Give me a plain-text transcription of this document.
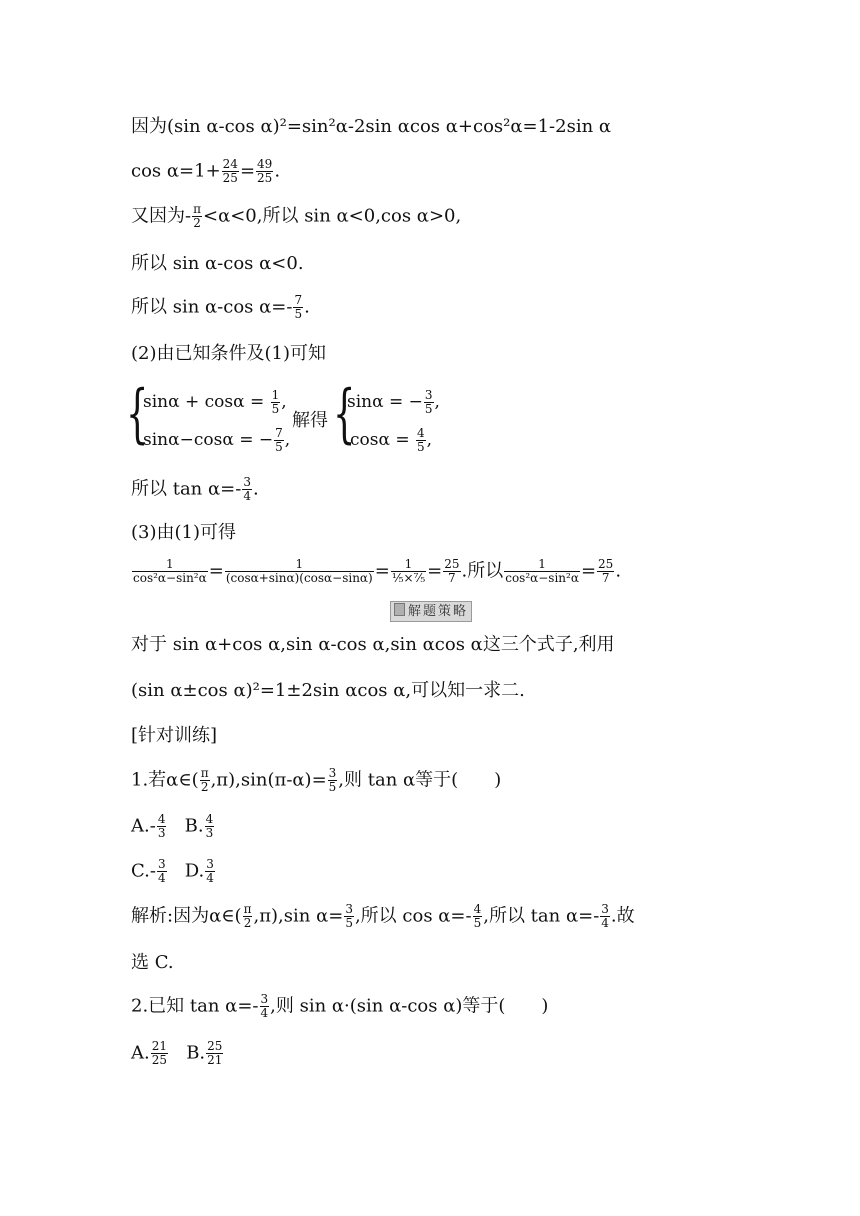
因为(sin α-cos α)²=sin²α-2sin αcos α+cos²α=1-2sin α
$\cos \alpha=1+ \frac{24}{25} = \frac{49}{25}$ .
又因为- $\frac{\pi}{2} <\alpha<0$,所以 sin α<0,cos α>0,
所以 sin α-cos α<0.
所以 sin α-cos $\alpha=- \frac{7}{5}$ .
(2)由已知条件及(1)可知
{
$\sin\alpha + \cos\alpha = \frac{1}{5}$ ,
sinα−cosα = − $\frac{7}{5}$ ,
解得 {
sinα = − $\frac{3}{5}$ ,
$\cos\alpha = \frac{4}{5}$ ,
所以 $\tan \alpha=- \frac{3}{4}$ .
(3)由(1)可得
$\frac{1}{\text{cos²α−sin²α}} = \frac{1}{(\cos\alpha+\sin\alpha)(\cos\alpha-\sin\alpha)} = \frac{1}{\text{⅕×⁷⁄₅}} = \frac{25}{7}$ .所以 $\frac{1}{\text{cos²α−sin²α}} = \frac{25}{7}$ .
解题策略
对于 sin α+cos α,sin α-cos α,sin αcos α这三个式子,利用
(sin α±cos α)²=1±2sin αcos α,可以知一求二.
[针对训练]
1.若α∈( $\frac{\pi}{2} ,\pi),\sin(\pi-\alpha)= \frac{3}{5}$ ,则 tan α等于(　　)
$A.- \frac{4}{3} B$. $\frac{4}{3}$
$C.- \frac{3}{4} D$. $\frac{3}{4}$
解析:因为α∈( $\frac{\pi}{2} ,\pi),\sin$ $\alpha= \frac{3}{5}$ ,所以 $\cos \alpha=- \frac{4}{5}$ ,所以 $\tan \alpha=- \frac{3}{4}$ .故
选 C.
2.已知 $\tan \alpha=- \frac{3}{4}$ ,则 sin α·(sin α-cos α)等于(　　)
A. $\frac{21}{25} B$. $\frac{25}{21}$
